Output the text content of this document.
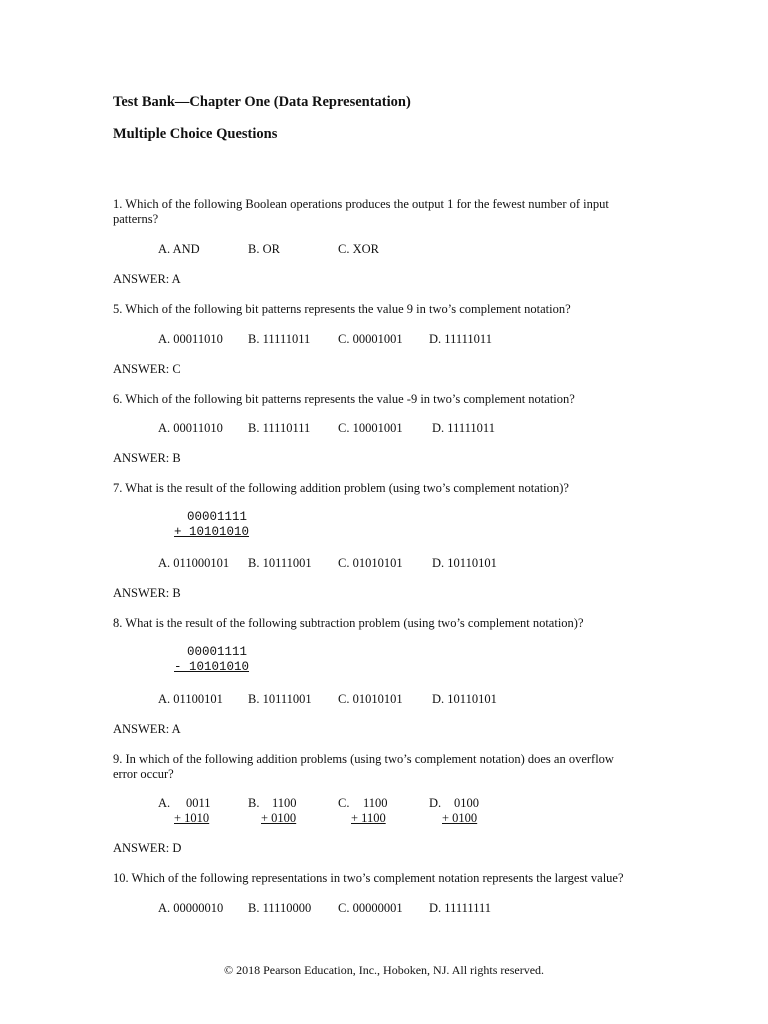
Test Bank—Chapter One (Data Representation)
Multiple Choice Questions
1. Which of the following Boolean operations produces the output 1 for the fewest number of input patterns?
A. AND	B. OR	C. XOR
ANSWER: A
5. Which of the following bit patterns represents the value 9 in two’s complement notation?
A. 00011010 B. 11111011 C. 00001001 D. 11111011
ANSWER: C
6. Which of the following bit patterns represents the value -9 in two’s complement notation?
A. 00011010 B. 11110111 C. 10001001 D. 11111011
ANSWER: B
7. What is the result of the following addition problem (using two’s complement notation)?
00001111
+ 10101010
A. 011000101 B. 10111001 C. 01010101 D. 10110101
ANSWER: B
8. What is the result of the following subtraction problem (using two’s complement notation)?
00001111
- 10101010
A. 01100101 B. 10111001 C. 01010101 D. 10110101
ANSWER: A
9. In which of the following addition problems (using two’s complement notation) does an overflow error occur?
A. 0011
+ 1010
B. 1100
+ 0100
C. 1100
+ 1100
D. 0100
+ 0100
ANSWER: D
10. Which of the following representations in two’s complement notation represents the largest value?
A. 00000010 B. 11110000 C. 00000001 D. 11111111
© 2018 Pearson Education, Inc., Hoboken, NJ. All rights reserved.
